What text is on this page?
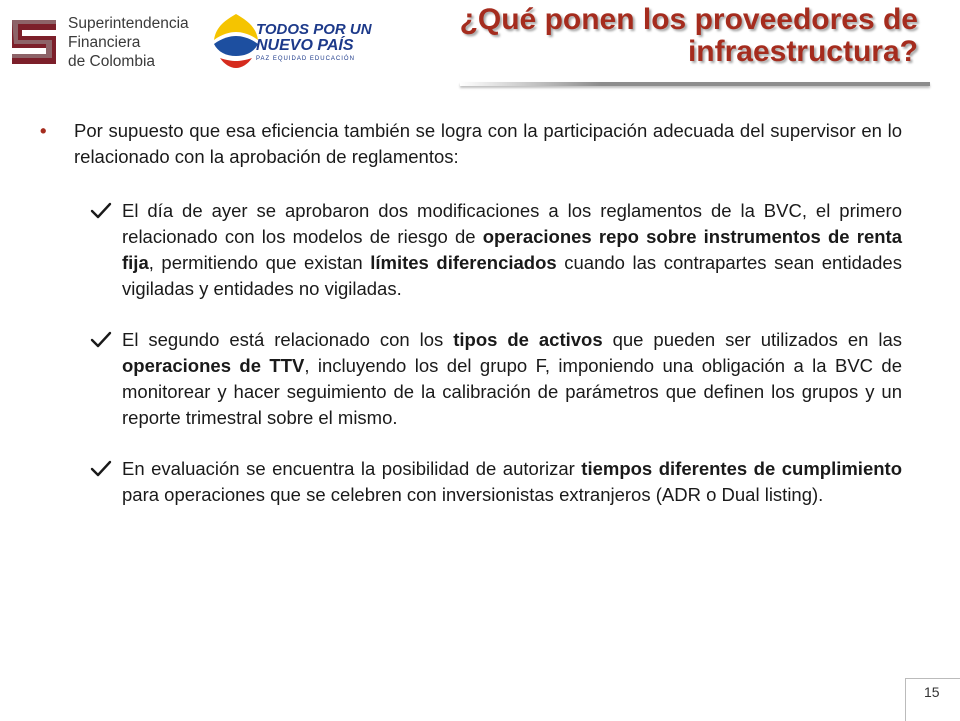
Superintendencia
Financiera
de Colombia
TODOS POR UN
NUEVO PAÍS
PAZ EQUIDAD EDUCACIÓN
¿Qué ponen los proveedores de
infraestructura?

• Por supuesto que esa eficiencia también se logra con la participación adecuada del supervisor en lo relacionado con la aprobación de reglamentos:

El día de ayer se aprobaron dos modificaciones a los reglamentos de la BVC, el primero relacionado con los modelos de riesgo de operaciones repo sobre instrumentos de renta fija, permitiendo que existan límites diferenciados cuando las contrapartes sean entidades vigiladas y entidades no vigiladas.
El segundo está relacionado con los tipos de activos que pueden ser utilizados en las operaciones de TTV, incluyendo los del grupo F, imponiendo una obligación a la BVC de monitorear y hacer seguimiento de la calibración de parámetros que definen los grupos y un reporte trimestral sobre el mismo.
En evaluación se encuentra la posibilidad de autorizar tiempos diferentes de cumplimiento para operaciones que se celebren con inversionistas extranjeros (ADR o Dual listing).
15
